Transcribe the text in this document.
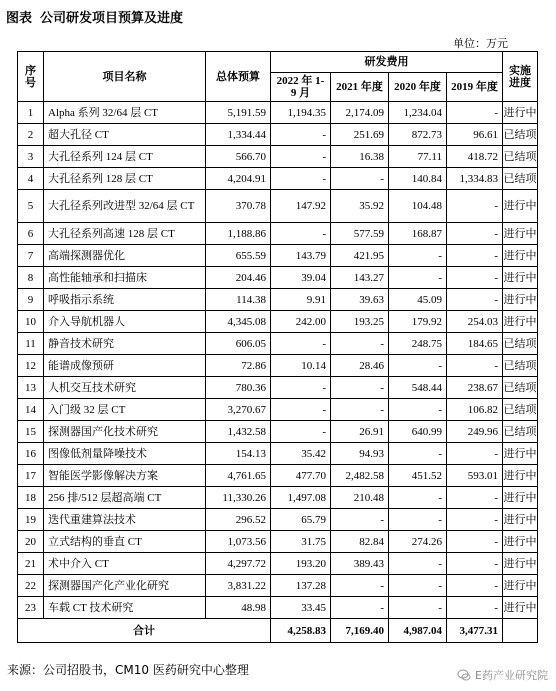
图表 公司研发项目预算及进度
单位：万元
序号	项目名称	总体预算	研发费用				实施进度
			2022 年 1-9 月	2021 年度	2020 年度	2019 年度	
1	Alpha 系列 32/64 层 CT	5,191.59	1,194.35	2,174.09	1,234.04	-	进行中
2	超大孔径 CT	1,334.44	-	251.69	872.73	96.61	已结项
3	大孔径系列 124 层 CT	566.70	-	16.38	77.11	418.72	已结项
4	大孔径系列 128 层 CT	4,204.91	-	-	140.84	1,334.83	已结项
5	大孔径系列改进型 32/64 层 CT	370.78	147.92	35.92	104.48	-	进行中
6	大孔径系列高速 128 层 CT	1,188.86	-	577.59	168.87	-	进行中
7	高端探测器优化	655.59	143.79	421.95	-	-	进行中
8	高性能轴承和扫描床	204.46	39.04	143.27	-	-	进行中
9	呼吸指示系统	114.38	9.91	39.63	45.09	-	进行中
10	介入导航机器人	4,345.08	242.00	193.25	179.92	254.03	进行中
11	静音技术研究	606.05	-	-	248.75	184.65	已结项
12	能谱成像预研	72.86	10.14	28.46	-	-	已结项
13	人机交互技术研究	780.36	-	-	548.44	238.67	已结项
14	入门级 32 层 CT	3,270.67	-	-	-	106.82	已结项
15	探测器国产化技术研究	1,432.58	-	26.91	640.99	249.96	已结项
16	图像低剂量降噪技术	154.13	35.42	94.93	-	-	进行中
17	智能医学影像解决方案	4,761.65	477.70	2,482.58	451.52	593.01	进行中
18	256 排/512 层超高端 CT	11,330.26	1,497.08	210.48	-	-	进行中
19	迭代重建算法技术	296.52	65.79	-	-	-	进行中
20	立式结构的垂直 CT	1,073.56	31.75	82.84	274.26	-	进行中
21	术中介入 CT	4,297.72	193.20	389.43	-	-	进行中
22	探测器国产化产业化研究	3,831.22	137.28	-	-	-	进行中
23	车载 CT 技术研究	48.98	33.45	-	-	-	进行中
合计			4,258.83	7,169.40	4,987.04	3,477.31	
来源：公司招股书，CM10 医药研究中心整理	E药产业研究院
